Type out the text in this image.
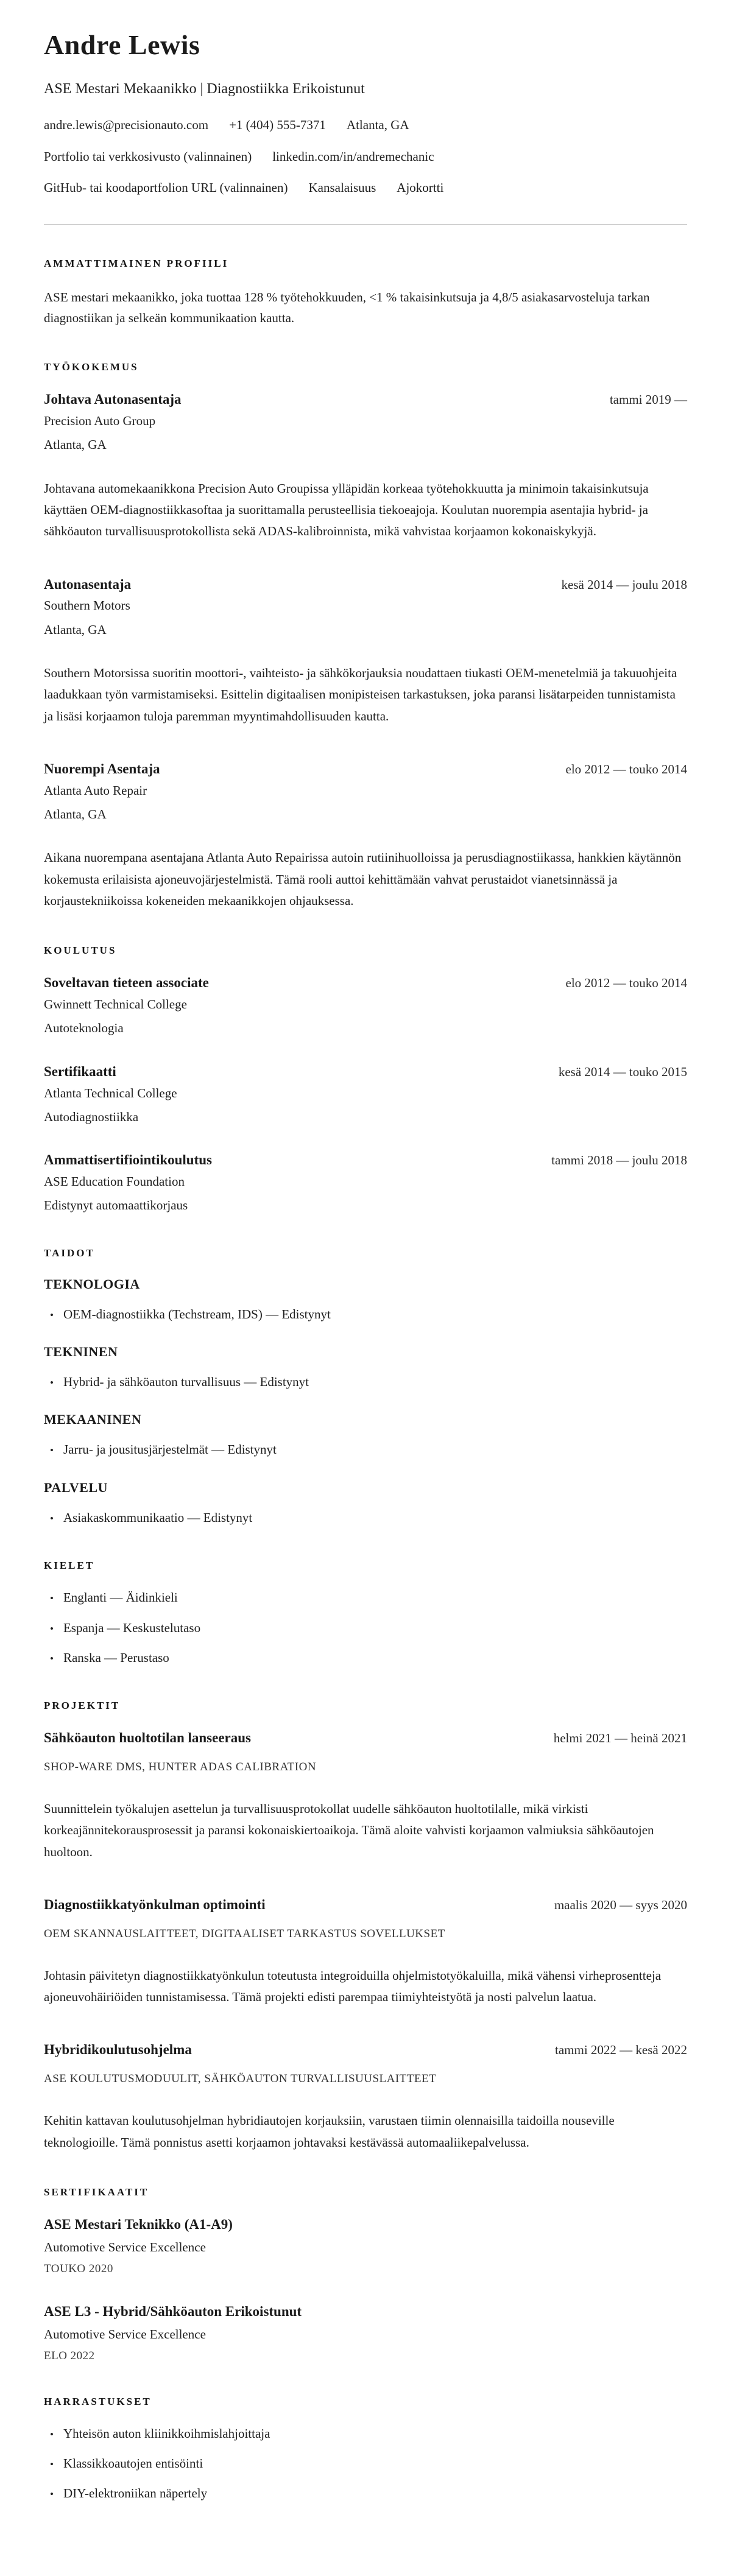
Andre Lewis
ASE Mestari Mekaanikko | Diagnostiikka Erikoistunut
andre.lewis@precisionauto.com +1 (404) 555-7371 Atlanta, GA
Portfolio tai verkkosivusto (valinnainen) linkedin.com/in/andremechanic
GitHub- tai koodaportfolion URL (valinnainen) Kansalaisuus Ajokortti
AMMATTIMAINEN PROFIILI

ASE mestari mekaanikko, joka tuottaa 128 % työtehokkuuden, <1 % takaisinkutsuja ja 4,8/5 asiakasarvosteluja tarkan diagnostiikan ja selkeän kommunikaation kautta.

TYÖKOKEMUS
Johtava Autonasentaja	tammi 2019 —
Precision Auto Group
Atlanta, GA

Johtavana automekaanikkona Precision Auto Groupissa ylläpidän korkeaa työtehokkuutta ja minimoin takaisinkutsuja käyttäen OEM-diagnostiikkasoftaa ja suorittamalla perusteellisia tiekoeajoja. Koulutan nuorempia asentajia hybrid- ja sähköauton turvallisuusprotokollista sekä ADAS-kalibroinnista, mikä vahvistaa korjaamon kokonaiskykyjä.

Autonasentaja	kesä 2014 — joulu 2018
Southern Motors
Atlanta, GA

Southern Motorsissa suoritin moottori-, vaihteisto- ja sähkökorjauksia noudattaen tiukasti OEM-menetelmiä ja takuuohjeita laadukkaan työn varmistamiseksi. Esittelin digitaalisen monipisteisen tarkastuksen, joka paransi lisätarpeiden tunnistamista ja lisäsi korjaamon tuloja paremman myyntimahdollisuuden kautta.

Nuorempi Asentaja	elo 2012 — touko 2014
Atlanta Auto Repair
Atlanta, GA

Aikana nuorempana asentajana Atlanta Auto Repairissa autoin rutiinihuolloissa ja perusdiagnostiikassa, hankkien käytännön kokemusta erilaisista ajoneuvojärjestelmistä. Tämä rooli auttoi kehittämään vahvat perustaidot vianetsinnässä ja korjaustekniikoissa kokeneiden mekaanikkojen ohjauksessa.

KOULUTUS
Soveltavan tieteen associate	elo 2012 — touko 2014
Gwinnett Technical College
Autoteknologia
Sertifikaatti	kesä 2014 — touko 2015
Atlanta Technical College
Autodiagnostiikka
Ammattisertifiointikoulutus	tammi 2018 — joulu 2018
ASE Education Foundation
Edistynyt automaattikorjaus
TAIDOT
TEKNOLOGIA
• OEM-diagnostiikka (Techstream, IDS) — Edistynyt
TEKNINEN
• Hybrid- ja sähköauton turvallisuus — Edistynyt
MEKAANINEN
• Jarru- ja jousitusjärjestelmät — Edistynyt
PALVELU
• Asiakaskommunikaatio — Edistynyt
KIELET
• Englanti — Äidinkieli
• Espanja — Keskustelutaso
• Ranska — Perustaso
PROJEKTIT
Sähköauton huoltotilan lanseeraus	helmi 2021 — heinä 2021
SHOP-WARE DMS, HUNTER ADAS CALIBRATION

Suunnittelein työkalujen asettelun ja turvallisuusprotokollat uudelle sähköauton huoltotilalle, mikä virkisti korkeajännitekorausprosessit ja paransi kokonaiskiertoaikoja. Tämä aloite vahvisti korjaamon valmiuksia sähköautojen huoltoon.

Diagnostiikkatyönkulman optimointi	maalis 2020 — syys 2020
OEM SKANNAUSLAITTEET, DIGITAALISET TARKASTUS SOVELLUKSET

Johtasin päivitetyn diagnostiikkatyönkulun toteutusta integroiduilla ohjelmistotyökaluilla, mikä vähensi virheprosentteja ajoneuvohäiriöiden tunnistamisessa. Tämä projekti edisti parempaa tiimiyhteistyötä ja nosti palvelun laatua.

Hybridikoulutusohjelma	tammi 2022 — kesä 2022
ASE KOULUTUSMODUULIT, SÄHKÖAUTON TURVALLISUUSLAITTEET

Kehitin kattavan koulutusohjelman hybridiautojen korjauksiin, varustaen tiimin olennaisilla taidoilla nouseville teknologioille. Tämä ponnistus asetti korjaamon johtavaksi kestävässä automaaliikepalvelussa.

SERTIFIKAATIT
ASE Mestari Teknikko (A1-A9)
Automotive Service Excellence
TOUKO 2020
ASE L3 - Hybrid/Sähköauton Erikoistunut
Automotive Service Excellence
ELO 2022
HARRASTUKSET
• Yhteisön auton kliinikkoihmislahjoittaja
• Klassikkoautojen entisöinti
• DIY-elektroniikan näpertely
